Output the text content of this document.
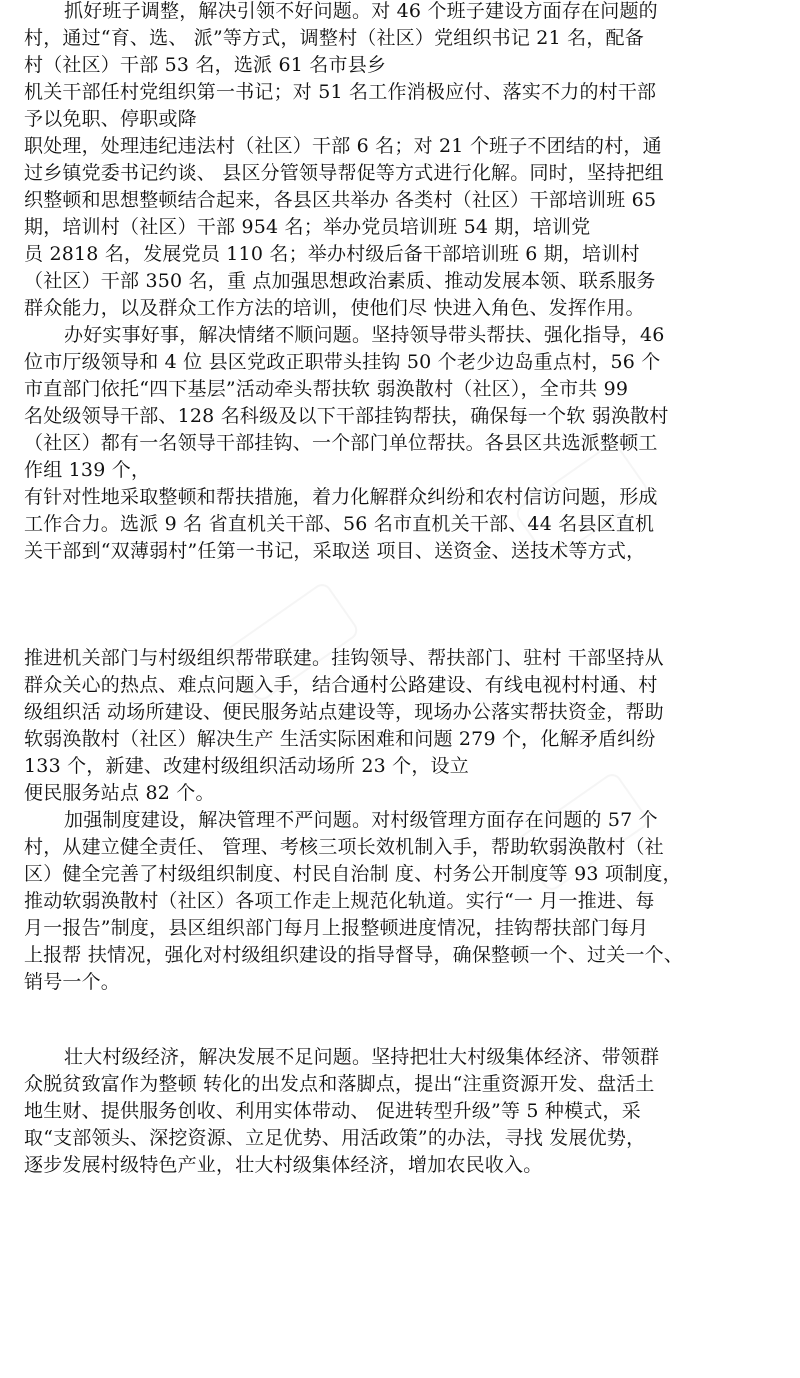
抓好班子调整，解决引领不好问题。对 46 个班子建设方面存在问题的
村，通过“育、选、 派”等方式，调整村（社区）党组织书记 21 名，配备
村（社区）干部 53 名，选派 61 名市县乡
机关干部任村党组织第一书记；对 51 名工作消极应付、落实不力的村干部
予以免职、停职或降
职处理，处理违纪违法村（社区）干部 6 名；对 21 个班子不团结的村，通
过乡镇党委书记约谈、 县区分管领导帮促等方式进行化解。同时，坚持把组
织整顿和思想整顿结合起来，各县区共举办 各类村（社区）干部培训班 65
期，培训村（社区）干部 954 名；举办党员培训班 54 期，培训党
员 2818 名，发展党员 110 名；举办村级后备干部培训班 6 期，培训村
（社区）干部 350 名，重 点加强思想政治素质、推动发展本领、联系服务
群众能力，以及群众工作方法的培训，使他们尽 快进入角色、发挥作用。
办好实事好事，解决情绪不顺问题。坚持领导带头帮扶、强化指导，46
位市厅级领导和 4 位 县区党政正职带头挂钩 50 个老少边岛重点村，56 个
市直部门依托“四下基层”活动牵头帮扶软 弱涣散村（社区），全市共 99
名处级领导干部、128 名科级及以下干部挂钩帮扶，确保每一个软 弱涣散村
（社区）都有一名领导干部挂钩、一个部门单位帮扶。各县区共选派整顿工
作组 139 个，
有针对性地采取整顿和帮扶措施，着力化解群众纠纷和农村信访问题，形成
工作合力。选派 9 名 省直机关干部、56 名市直机关干部、44 名县区直机
关干部到“双薄弱村”任第一书记，采取送 项目、送资金、送技术等方式，
推进机关部门与村级组织帮带联建。挂钩领导、帮扶部门、驻村 干部坚持从
群众关心的热点、难点问题入手，结合通村公路建设、有线电视村村通、村
级组织活 动场所建设、便民服务站点建设等，现场办公落实帮扶资金，帮助
软弱涣散村（社区）解决生产 生活实际困难和问题 279 个，化解矛盾纠纷
133 个，新建、改建村级组织活动场所 23 个，设立
便民服务站点 82 个。
加强制度建设，解决管理不严问题。对村级管理方面存在问题的 57 个
村，从建立健全责任、 管理、考核三项长效机制入手，帮助软弱涣散村（社
区）健全完善了村级组织制度、村民自治制 度、村务公开制度等 93 项制度，
推动软弱涣散村（社区）各项工作走上规范化轨道。实行“一 月一推进、每
月一报告”制度，县区组织部门每月上报整顿进度情况，挂钩帮扶部门每月
上报帮 扶情况，强化对村级组织建设的指导督导，确保整顿一个、过关一个、
销号一个。
壮大村级经济，解决发展不足问题。坚持把壮大村级集体经济、带领群
众脱贫致富作为整顿 转化的出发点和落脚点，提出“注重资源开发、盘活土
地生财、提供服务创收、利用实体带动、 促进转型升级”等 5 种模式，采
取“支部领头、深挖资源、立足优势、用活政策”的办法，寻找 发展优势，
逐步发展村级特色产业，壮大村级集体经济，增加农民收入。
